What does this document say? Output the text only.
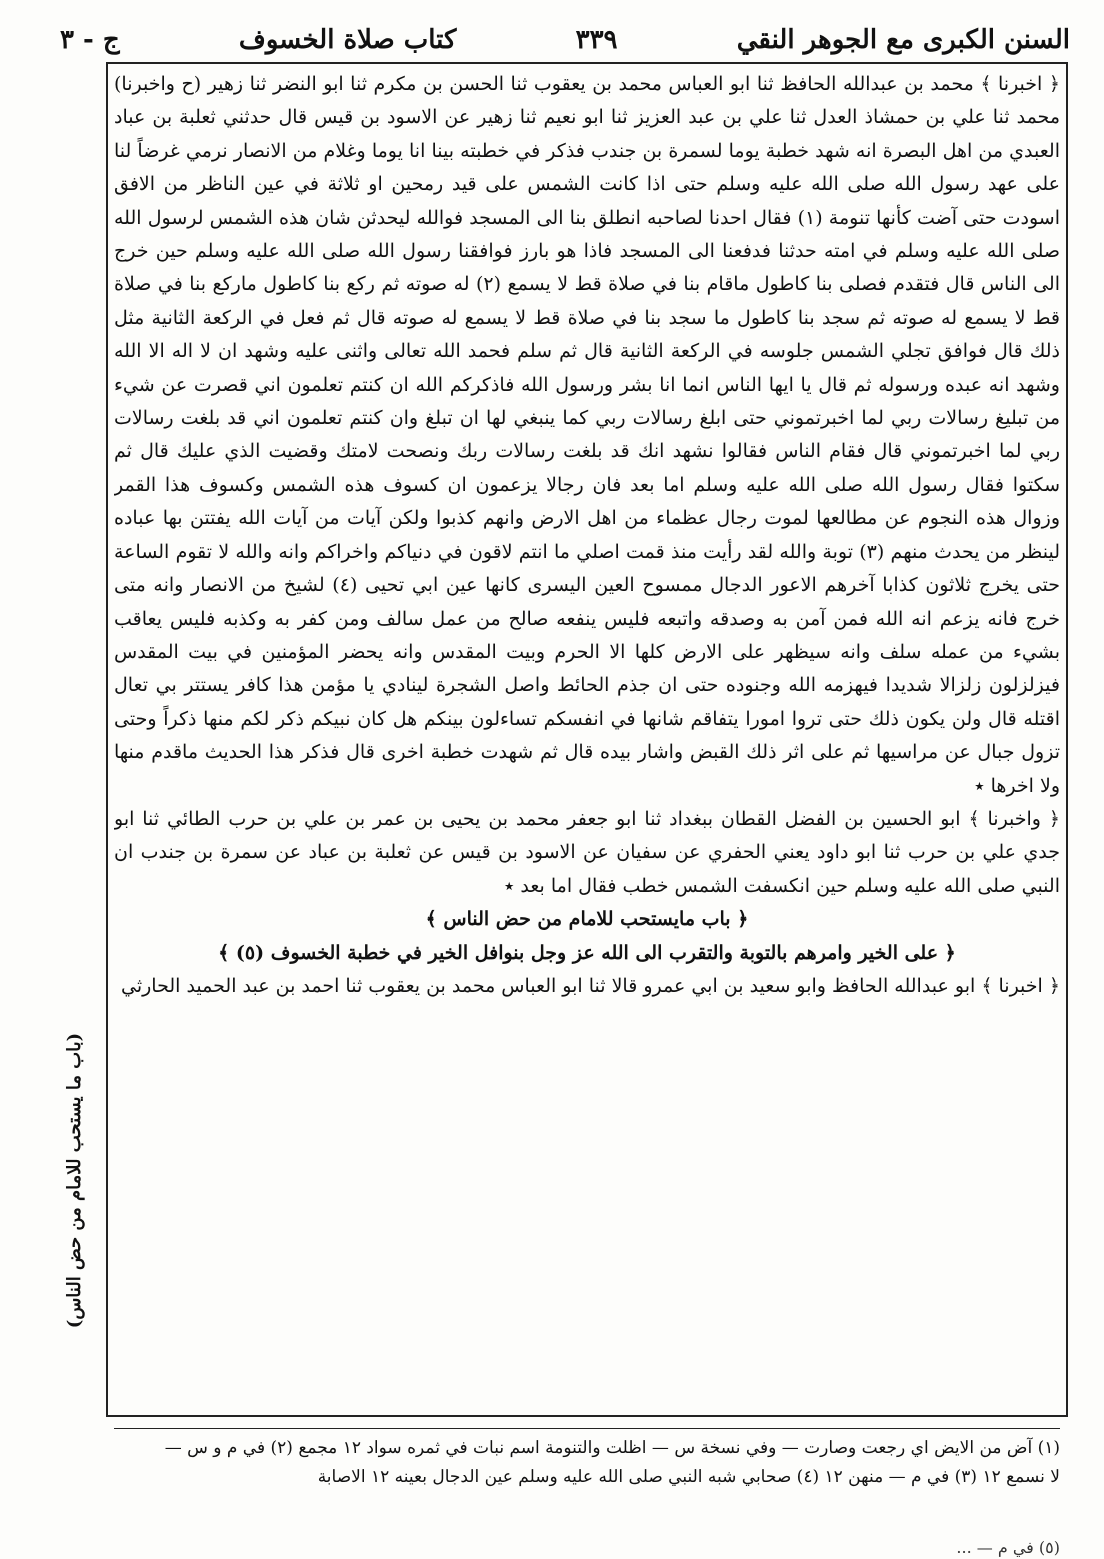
السنن الكبرى مع الجوهر النقي
٣٣٩
كتاب صلاة الخسوف
ج - ٣

﴿ اخبرنا ﴾ محمد بن عبدالله الحافظ ثنا ابو العباس محمد بن يعقوب ثنا الحسن بن مكرم ثنا ابو النضر ثنا زهير (ح واخبرنا) محمد ثنا علي بن حمشاذ العدل ثنا علي بن عبد العزيز ثنا ابو نعيم ثنا زهير عن الاسود بن قيس قال حدثني ثعلبة بن عباد العبدي من اهل البصرة انه شهد خطبة يوما لسمرة بن جندب فذكر في خطبته بينا انا يوما وغلام من الانصار نرمي غرضاً لنا على عهد رسول الله صلى الله عليه وسلم حتى اذا كانت الشمس على قيد رمحين او ثلاثة في عين الناظر من الافق اسودت حتى آضت كأنها تنومة (١) فقال احدنا لصاحبه انطلق بنا الى المسجد فوالله ليحدثن شان هذه الشمس لرسول الله صلى الله عليه وسلم في امته حدثنا فدفعنا الى المسجد فاذا هو بارز فوافقنا رسول الله صلى الله عليه وسلم حين خرج الى الناس قال فتقدم فصلى بنا كاطول ماقام بنا في صلاة قط لا يسمع (٢) له صوته ثم ركع بنا كاطول ماركع بنا في صلاة قط لا يسمع له صوته ثم سجد بنا كاطول ما سجد بنا في صلاة قط لا يسمع له صوته قال ثم فعل في الركعة الثانية مثل ذلك قال فوافق تجلي الشمس جلوسه في الركعة الثانية قال ثم سلم فحمد الله تعالى واثنى عليه وشهد ان لا اله الا الله وشهد انه عبده ورسوله ثم قال يا ايها الناس انما انا بشر ورسول الله فاذكركم الله ان كنتم تعلمون اني قصرت عن شيء من تبليغ رسالات ربي لما اخبرتموني حتى ابلغ رسالات ربي كما ينبغي لها ان تبلغ وان كنتم تعلمون اني قد بلغت رسالات ربي لما اخبرتموني قال فقام الناس فقالوا نشهد انك قد بلغت رسالات ربك ونصحت لامتك وقضيت الذي عليك قال ثم سكتوا فقال رسول الله صلى الله عليه وسلم اما بعد فان رجالا يزعمون ان كسوف هذه الشمس وكسوف هذا القمر وزوال هذه النجوم عن مطالعها لموت رجال عظماء من اهل الارض وانهم كذبوا ولكن آيات من آيات الله يفتتن بها عباده لينظر من يحدث منهم (٣) توبة والله لقد رأيت منذ قمت اصلي ما انتم لاقون في دنياكم واخراكم وانه والله لا تقوم الساعة حتى يخرج ثلاثون كذابا آخرهم الاعور الدجال ممسوح العين اليسرى كانها عين ابي تحيى (٤) لشيخ من الانصار وانه متى خرج فانه يزعم انه الله فمن آمن به وصدقه واتبعه فليس ينفعه صالح من عمل سالف ومن كفر به وكذبه فليس يعاقب بشيء من عمله سلف وانه سيظهر على الارض كلها الا الحرم وبيت المقدس وانه يحضر المؤمنين في بيت المقدس فيزلزلون زلزالا شديدا فيهزمه الله وجنوده حتى ان جذم الحائط واصل الشجرة لينادي يا مؤمن هذا كافر يستتر بي تعال اقتله قال ولن يكون ذلك حتى تروا امورا يتفاقم شانها في انفسكم تساءلون بينكم هل كان نبيكم ذكر لكم منها ذكراً وحتى تزول جبال عن مراسيها ثم على اثر ذلك القبض واشار بيده قال ثم شهدت خطبة اخرى قال فذكر هذا الحديث ماقدم منها ولا اخرها ٭

﴿ واخبرنا ﴾ ابو الحسين بن الفضل القطان ببغداد ثنا ابو جعفر محمد بن يحيى بن عمر بن علي بن حرب الطائي ثنا ابو جدي علي بن حرب ثنا ابو داود يعني الحفري عن سفيان عن الاسود بن قيس عن ثعلبة بن عباد عن سمرة بن جندب ان النبي صلى الله عليه وسلم حين انكسفت الشمس خطب فقال اما بعد ٭

﴿ باب مايستحب للامام من حض الناس ﴾

﴿ على الخير وامرهم بالتوبة والتقرب الى الله عز وجل بنوافل الخير في خطبة الخسوف (٥) ﴾

﴿ اخبرنا ﴾ ابو عبدالله الحافظ وابو سعيد بن ابي عمرو قالا ثنا ابو العباس محمد بن يعقوب ثنا احمد بن عبد الحميد الحارثي

(١) آض من الايض اي رجعت وصارت — وفي نسخة س — اظلت والتنومة اسم نبات في ثمره سواد ١٢ مجمع (٢) في م و س —

لا نسمع ١٢ (٣) في م — منهن ١٢ (٤) صحابي شبه النبي صلى الله عليه وسلم عين الدجال بعينه ١٢ الاصابة

(باب ما يستحب للامام من حض الناس)
(٥) في م — ...
